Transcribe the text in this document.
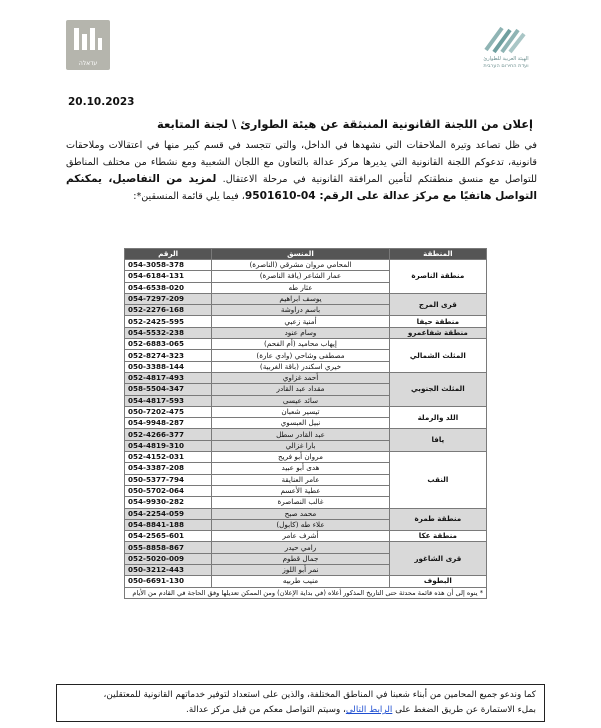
עדאלה
الهيئة العربية للطوارئ
ועדת החירום הערבית
20.10.2023
إعلان من اللجنة القانونية المنبثقة عن هيئة الطوارئ \ لجنة المتابعة
في ظل تصاعد وتيرة الملاحقات التي نشهدها في الداخل، والتي تتجسد في قسم كبير منها في اعتقالات وملاحقات قانونية، تدعوكم اللجنة القانونية التي يديرها مركز عدالة بالتعاون مع اللجان الشعبية ومع نشطاء من مختلف المناطق للتواصل مع منسق منطقتكم لتأمين المرافقة القانونية في مرحلة الاعتقال. لمزيد من التفاصيل، يمكنكم التواصل هاتفيًا مع مركز عدالة على الرقم: 04-9501610، فيما يلي قائمة المنسقين*:
المنطقة	المنسق	الرقم
منطقة الناصرة	المحامي مروان مشرقي (الناصرة)	054-3058-378
	عمار الشاعر (يافة الناصرة)	054-6184-131
	عثار طه	054-6538-020
قرى المرج	يوسف ابراهيم	054-7297-209
	باسم دراوشة	052-2276-168
منطقة حيفا	أمنية زعبي	052-2425-595
منطقة شفاعمرو	وسام عنود	054-5532-238
المثلث الشمالي	إيهاب محاميد (أم الفحم)	052-6883-065
	مصطفى وشاحي (وادي عارة)	052-8274-323
	خيري اسكندر (باقة الغربية)	050-3388-144
المثلث الجنوبي	أحمد غزاوي	052-4817-493
	مقداد عبد القادر	058-5504-347
	سائد عيسى	054-4817-593
اللد والرملة	تيسير شعبان	050-7202-475
	نبيل العبسوي	054-9948-287
يافا	عبد القادر سطل	052-4266-377
	بارا غزالي	054-4819-310
النقب	مروان أبو فريح	052-4152-031
	هدى أبو عبيد	054-3387-208
	عامر العنايقة	050-5377-794
	عطية الأعسم	050-5702-064
	غالب النصاصرة	054-9930-282
منطقة طمرة	محمد صبح	054-2254-059
	علاء طه (كابول)	054-8841-188
منطقة عكا	أشرف عامر	054-2565-601
قرى الشاغور	رامي حيدر	055-8858-867
	جمال قطوم	052-5020-009
	نمر أبو اللوز	050-3212-443
البطوف	منيب طربيه	050-6691-130
* ينوه إلى أن هذه قائمة محدثة حتى التاريخ المذكور أعلاه (في بداية الإعلان) ومن الممكن تعديلها وفق الحاجة في القادم من الأيام		
كما وندعو جميع المحامين من أبناء شعبنا في المناطق المختلفة، والذين على استعداد لتوفير خدماتهم القانونية للمعتقلين،
بملء الاستمارة عن طريق الضغط على الرابط التالي، وسيتم التواصل معكم من قبل مركز عدالة.
